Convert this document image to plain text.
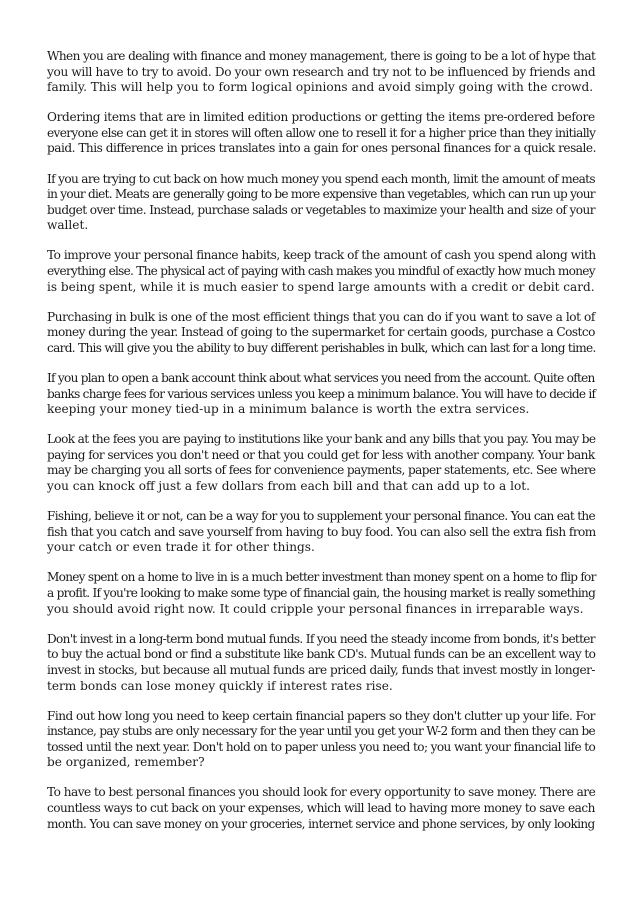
When you are dealing with finance and money management, there is going to be a lot of hype that
you will have to try to avoid. Do your own research and try not to be influenced by friends and
family. This will help you to form logical opinions and avoid simply going with the crowd.

Ordering items that are in limited edition productions or getting the items pre-ordered before
everyone else can get it in stores will often allow one to resell it for a higher price than they initially
paid. This difference in prices translates into a gain for ones personal finances for a quick resale.

If you are trying to cut back on how much money you spend each month, limit the amount of meats
in your diet. Meats are generally going to be more expensive than vegetables, which can run up your
budget over time. Instead, purchase salads or vegetables to maximize your health and size of your
wallet.

To improve your personal finance habits, keep track of the amount of cash you spend along with
everything else. The physical act of paying with cash makes you mindful of exactly how much money
is being spent, while it is much easier to spend large amounts with a credit or debit card.

Purchasing in bulk is one of the most efficient things that you can do if you want to save a lot of
money during the year. Instead of going to the supermarket for certain goods, purchase a Costco
card. This will give you the ability to buy different perishables in bulk, which can last for a long time.

If you plan to open a bank account think about what services you need from the account. Quite often
banks charge fees for various services unless you keep a minimum balance. You will have to decide if
keeping your money tied-up in a minimum balance is worth the extra services.

Look at the fees you are paying to institutions like your bank and any bills that you pay. You may be
paying for services you don't need or that you could get for less with another company. Your bank
may be charging you all sorts of fees for convenience payments, paper statements, etc. See where
you can knock off just a few dollars from each bill and that can add up to a lot.

Fishing, believe it or not, can be a way for you to supplement your personal finance. You can eat the
fish that you catch and save yourself from having to buy food. You can also sell the extra fish from
your catch or even trade it for other things.

Money spent on a home to live in is a much better investment than money spent on a home to flip for
a profit. If you're looking to make some type of financial gain, the housing market is really something
you should avoid right now. It could cripple your personal finances in irreparable ways.

Don't invest in a long-term bond mutual funds. If you need the steady income from bonds, it's better
to buy the actual bond or find a substitute like bank CD's. Mutual funds can be an excellent way to
invest in stocks, but because all mutual funds are priced daily, funds that invest mostly in longer-
term bonds can lose money quickly if interest rates rise.

Find out how long you need to keep certain financial papers so they don't clutter up your life. For
instance, pay stubs are only necessary for the year until you get your W-2 form and then they can be
tossed until the next year. Don't hold on to paper unless you need to; you want your financial life to
be organized, remember?

To have to best personal finances you should look for every opportunity to save money. There are
countless ways to cut back on your expenses, which will lead to having more money to save each
month. You can save money on your groceries, internet service and phone services, by only looking
